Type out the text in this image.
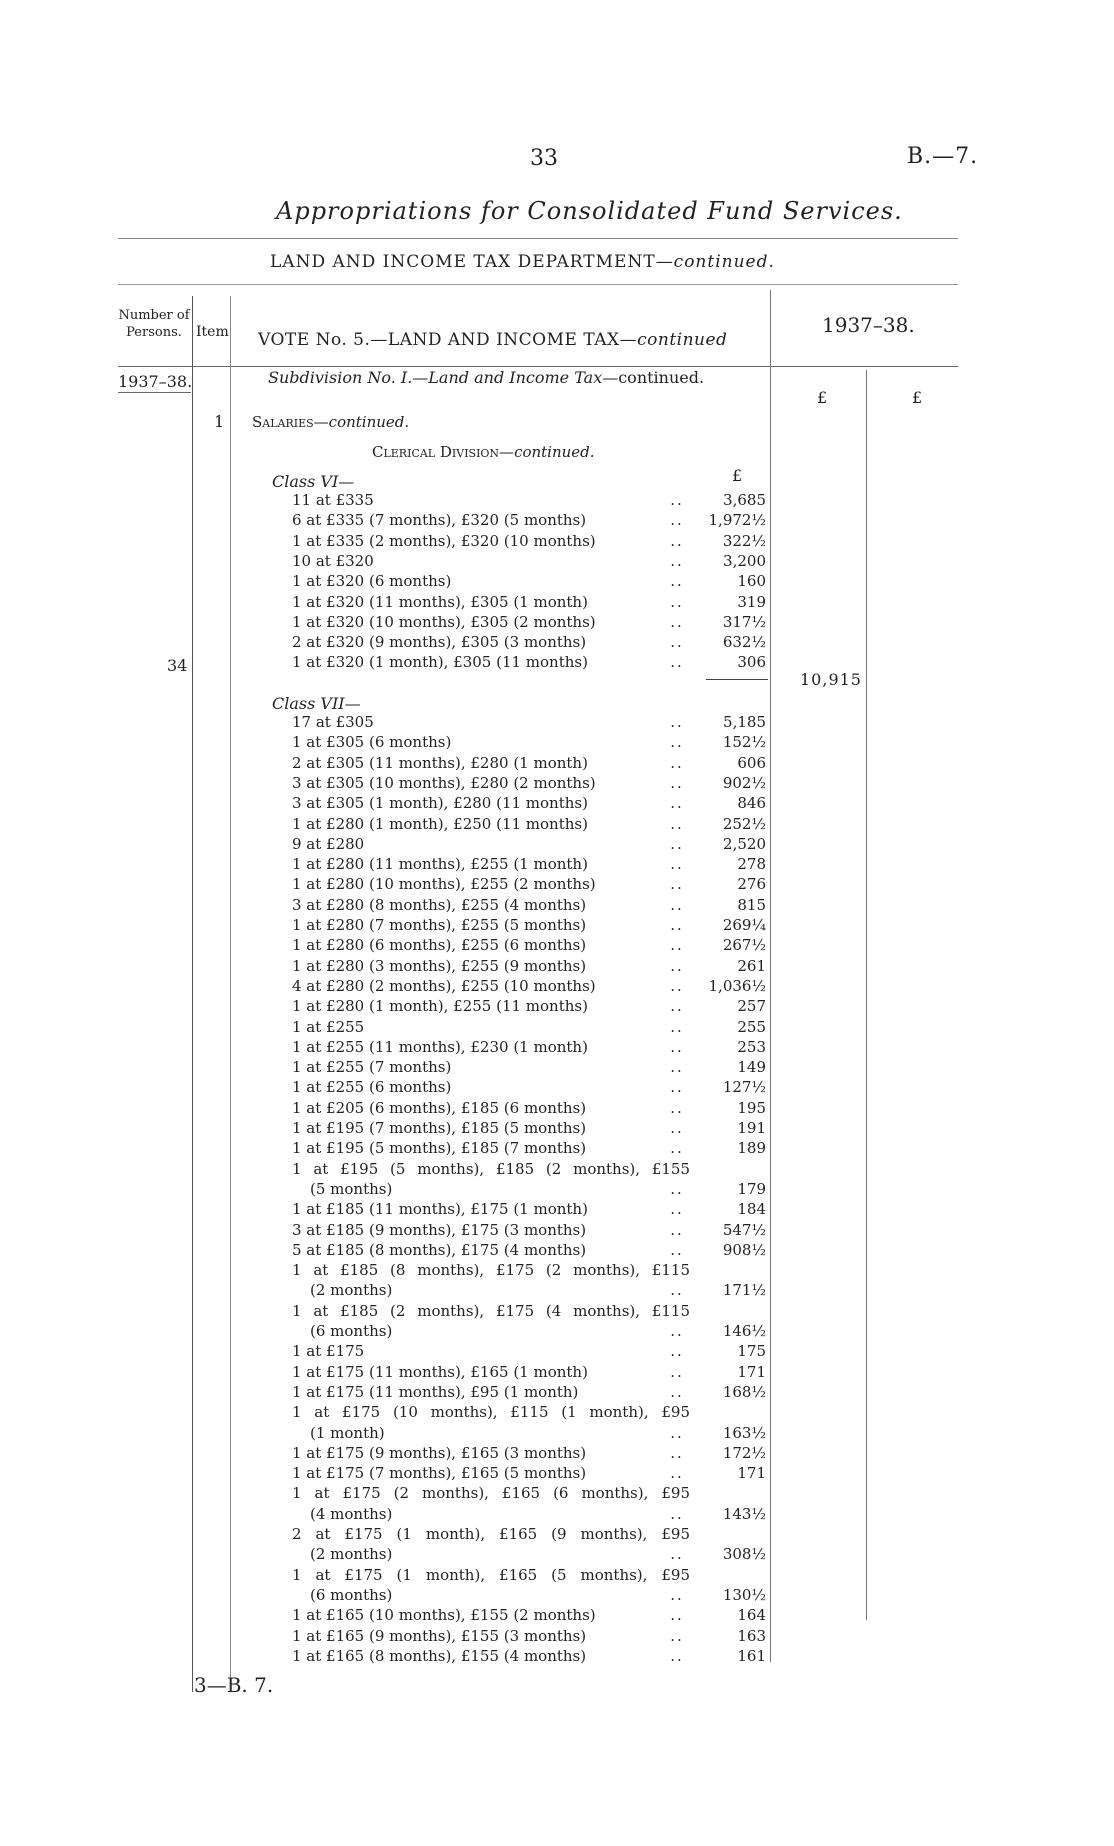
33	B.—7.
Appropriations for Consolidated Fund Services.
LAND AND INCOME TAX DEPARTMENT—continued.
Number of Persons.	Item VOTE No. 5.—LAND AND INCOME TAX—continued
1937–38.
1937–38.
£	£
Subdivision No. I.—Land and Income Tax—continued.
1 Salaries—continued.
Clerical Division—continued.
Class VI—	£
11 at £335	..	3,685
6 at £335 (7 months), £320 (5 months)	..	1,972½
1 at £335 (2 months), £320 (10 months)	..	322½
10 at £320	..	3,200
1 at £320 (6 months)	..	160
1 at £320 (11 months), £305 (1 month)	..	319
1 at £320 (10 months), £305 (2 months)	..	317½
2 at £320 (9 months), £305 (3 months)	..	632½
1 at £320 (1 month), £305 (11 months)	..	306
34
10,915
Class VII—
17 at £305	..	5,185
1 at £305 (6 months)	..	152½
2 at £305 (11 months), £280 (1 month)	..	606
3 at £305 (10 months), £280 (2 months)	..	902½
3 at £305 (1 month), £280 (11 months)	..	846
1 at £280 (1 month), £250 (11 months)	..	252½
9 at £280	..	2,520
1 at £280 (11 months), £255 (1 month)	..	278
1 at £280 (10 months), £255 (2 months)	..	276
3 at £280 (8 months), £255 (4 months)	..	815
1 at £280 (7 months), £255 (5 months)	..	269¼
1 at £280 (6 months), £255 (6 months)	..	267½
1 at £280 (3 months), £255 (9 months)	..	261
4 at £280 (2 months), £255 (10 months)	..	1,036½
1 at £280 (1 month), £255 (11 months)	..	257
1 at £255	..	255
1 at £255 (11 months), £230 (1 month)	..	253
1 at £255 (7 months)	..	149
1 at £255 (6 months)	..	127½
1 at £205 (6 months), £185 (6 months)	..	195
1 at £195 (7 months), £185 (5 months)	..	191
1 at £195 (5 months), £185 (7 months)	..	189
1 at £195 (5 months), £185 (2 months), £155
(5 months)	..	179
1 at £185 (11 months), £175 (1 month)	..	184
3 at £185 (9 months), £175 (3 months)	..	547½
5 at £185 (8 months), £175 (4 months)	..	908½
1 at £185 (8 months), £175 (2 months), £115
(2 months)	..	171½
1 at £185 (2 months), £175 (4 months), £115
(6 months)	..	146½
1 at £175	..	175
1 at £175 (11 months), £165 (1 month)	..	171
1 at £175 (11 months), £95 (1 month)	..	168½
1 at £175 (10 months), £115 (1 month), £95
(1 month)	..	163½
1 at £175 (9 months), £165 (3 months)	..	172½
1 at £175 (7 months), £165 (5 months)	..	171
1 at £175 (2 months), £165 (6 months), £95
(4 months)	..	143½
2 at £175 (1 month), £165 (9 months), £95
(2 months)	..	308½
1 at £175 (1 month), £165 (5 months), £95
(6 months)	..	130½
1 at £165 (10 months), £155 (2 months)	..	164
1 at £165 (9 months), £155 (3 months)	..	163
1 at £165 (8 months), £155 (4 months)	..	161
3—B. 7.
